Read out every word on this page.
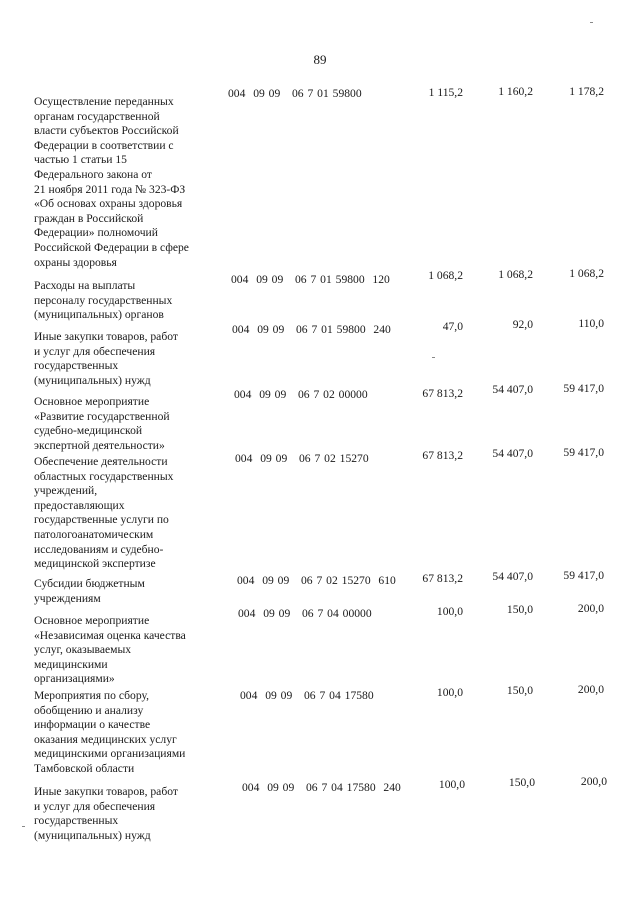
89
Осуществление переданных
органам государственной
власти субъектов Российской
Федерации в соответствии с
частью 1 статьи 15
Федерального закона от
21 ноября 2011 года № 323-ФЗ
«Об основах охраны здоровья
граждан в Российской
Федерации» полномочий
Российской Федерации в сфере
охраны здоровья
004  09 09   06 7 01 59800	1 115,2	1 160,2	1 178,2
Расходы на выплаты
персоналу государственных
(муниципальных) органов
004  09 09   06 7 01 59800  120	1 068,2	1 068,2	1 068,2
Иные закупки товаров, работ
и услуг для обеспечения
государственных
(муниципальных) нужд
004  09 09   06 7 01 59800  240	47,0	92,0	110,0
Основное мероприятие
«Развитие государственной
судебно-медицинской
экспертной деятельности»
004  09 09   06 7 02 00000	67 813,2	54 407,0	59 417,0
Обеспечение деятельности
областных государственных
учреждений,
предоставляющих
государственные услуги по
патологоанатомическим
исследованиям и судебно-
медицинской экспертизе
004  09 09   06 7 02 15270	67 813,2	54 407,0	59 417,0
Субсидии бюджетным
учреждениям
004  09 09   06 7 02 15270  610	67 813,2	54 407,0	59 417,0
Основное мероприятие
«Независимая оценка качества
услуг, оказываемых
медицинскими
организациями»
004  09 09   06 7 04 00000	100,0	150,0	200,0
Мероприятия по сбору,
обобщению и анализу
информации о качестве
оказания медицинских услуг
медицинскими организациями
Тамбовской области
004  09 09   06 7 04 17580	100,0	150,0	200,0
Иные закупки товаров, работ
и услуг для обеспечения
государственных
(муниципальных) нужд
004  09 09   06 7 04 17580  240	100,0	150,0	200,0
